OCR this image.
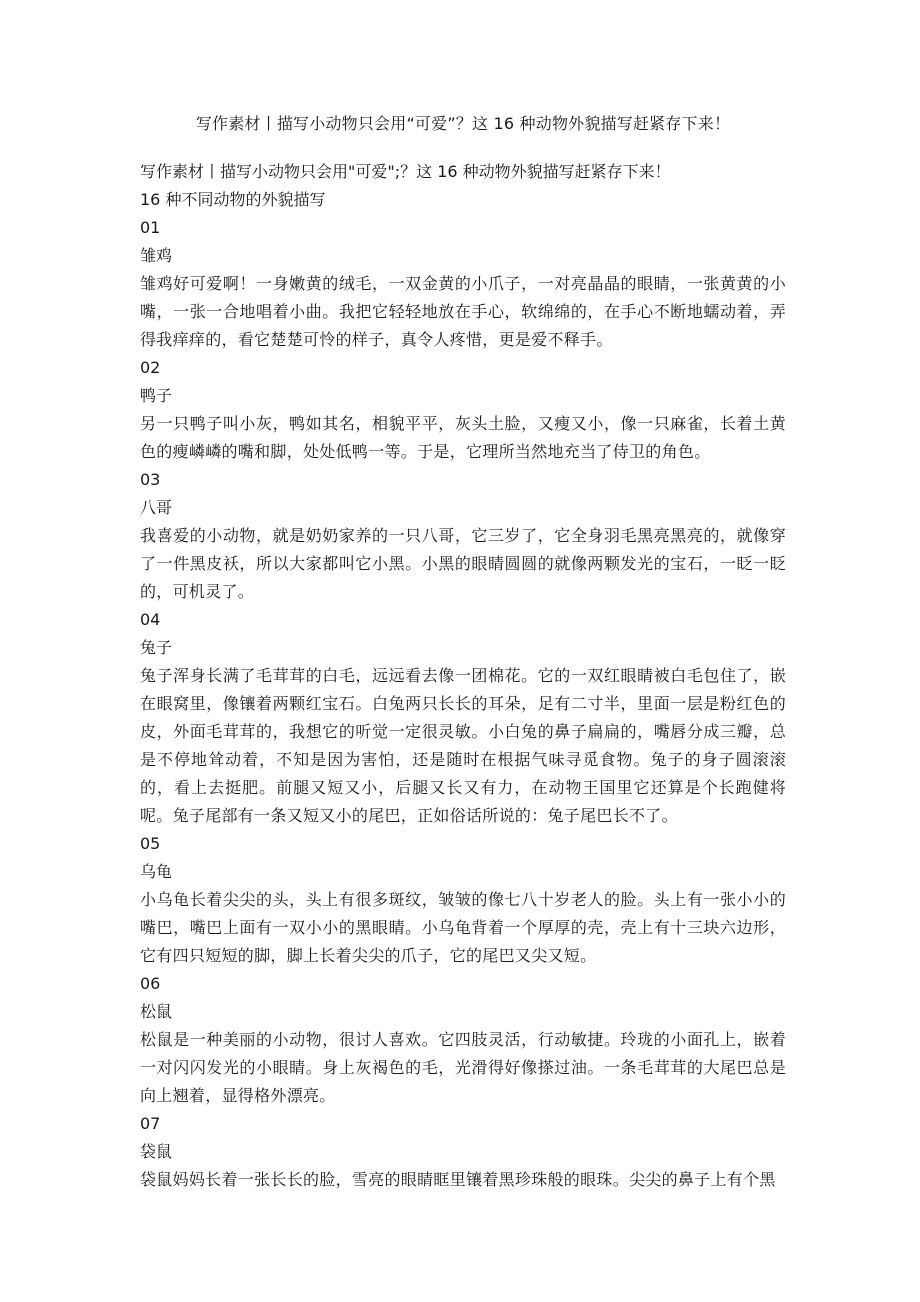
写作素材丨描写小动物只会用“可爱”？这 16 种动物外貌描写赶紧存下来！

写作素材丨描写小动物只会用"可爱";？这 16 种动物外貌描写赶紧存下来！

16 种不同动物的外貌描写

01

雏鸡

雏鸡好可爱啊！一身嫩黄的绒毛，一双金黄的小爪子，一对亮晶晶的眼睛，一张黄黄的小嘴，一张一合地唱着小曲。我把它轻轻地放在手心，软绵绵的，在手心不断地蠕动着，弄得我痒痒的，看它楚楚可怜的样子，真令人疼惜，更是爱不释手。

02

鸭子

另一只鸭子叫小灰，鸭如其名，相貌平平，灰头土脸，又瘦又小，像一只麻雀，长着土黄色的瘦嶙嶙的嘴和脚，处处低鸭一等。于是，它理所当然地充当了侍卫的角色。

03

八哥

我喜爱的小动物，就是奶奶家养的一只八哥，它三岁了，它全身羽毛黑亮黑亮的，就像穿了一件黑皮袄，所以大家都叫它小黑。小黑的眼睛圆圆的就像两颗发光的宝石，一眨一眨的，可机灵了。

04

兔子

兔子浑身长满了毛茸茸的白毛，远远看去像一团棉花。它的一双红眼睛被白毛包住了，嵌在眼窝里，像镶着两颗红宝石。白兔两只长长的耳朵，足有二寸半，里面一层是粉红色的皮，外面毛茸茸的，我想它的听觉一定很灵敏。小白兔的鼻子扁扁的，嘴唇分成三瓣，总是不停地耸动着，不知是因为害怕，还是随时在根据气味寻觅食物。兔子的身子圆滚滚的，看上去挺肥。前腿又短又小，后腿又长又有力，在动物王国里它还算是个长跑健将呢。兔子尾部有一条又短又小的尾巴，正如俗话所说的：兔子尾巴长不了。

05

乌龟

小乌龟长着尖尖的头，头上有很多斑纹，皱皱的像七八十岁老人的脸。头上有一张小小的嘴巴，嘴巴上面有一双小小的黑眼睛。小乌龟背着一个厚厚的壳，壳上有十三块六边形，它有四只短短的脚，脚上长着尖尖的爪子，它的尾巴又尖又短。

06

松鼠

松鼠是一种美丽的小动物，很讨人喜欢。它四肢灵活，行动敏捷。玲珑的小面孔上，嵌着一对闪闪发光的小眼睛。身上灰褐色的毛，光滑得好像搽过油。一条毛茸茸的大尾巴总是向上翘着，显得格外漂亮。

07

袋鼠

袋鼠妈妈长着一张长长的脸，雪亮的眼睛眶里镶着黑珍珠般的眼珠。尖尖的鼻子上有个黑
